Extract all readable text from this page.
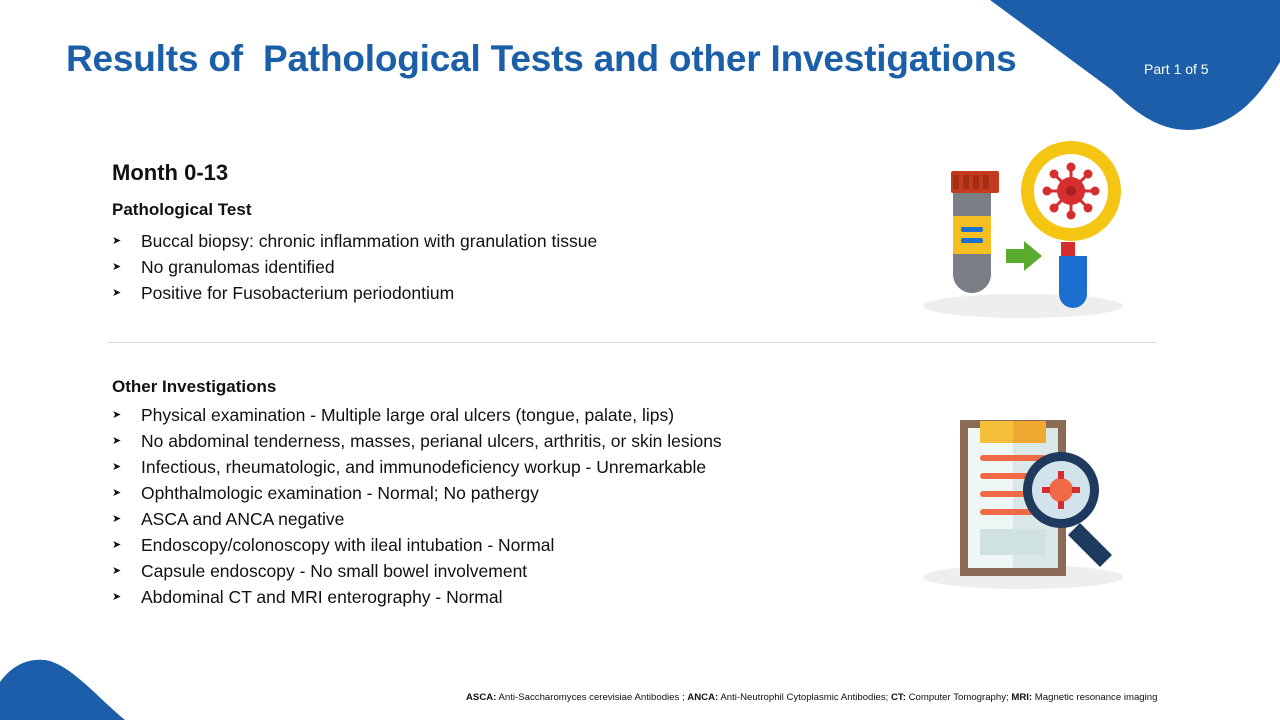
Results of  Pathological Tests and other Investigations	Part 1 of 5
Month 0-13
Pathological Test
➤ Buccal biopsy: chronic inflammation with granulation tissue
➤ No granulomas identified
➤ Positive for Fusobacterium periodontium
Other Investigations
➤ Physical examination - Multiple large oral ulcers (tongue, palate, lips)
➤ No abdominal tenderness, masses, perianal ulcers, arthritis, or skin lesions
➤ Infectious, rheumatologic, and immunodeficiency workup - Unremarkable
➤ Ophthalmologic examination - Normal; No pathergy
➤ ASCA and ANCA negative
➤ Endoscopy/colonoscopy with ileal intubation - Normal
➤ Capsule endoscopy - No small bowel involvement
➤ Abdominal CT and MRI enterography - Normal
ASCA: Anti-Saccharomyces cerevisiae Antibodies ; ANCA: Anti-Neutrophil Cytoplasmic Antibodies; CT: Computer Tomography; MRI: Magnetic resonance imaging
